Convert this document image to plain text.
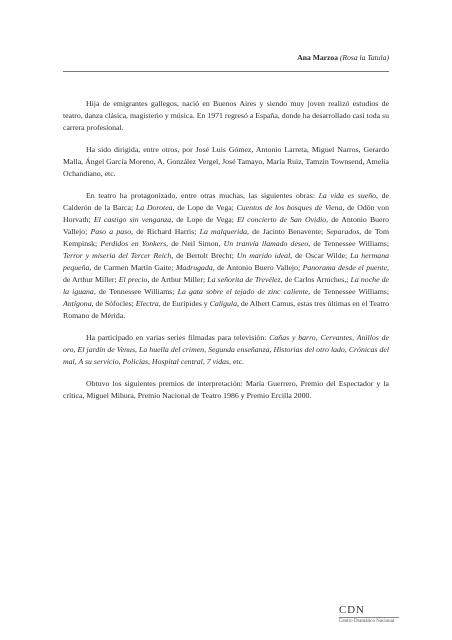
Ana Marzoa (Rosa la Tatula)

Hija de emigrantes gallegos, nació en Buenos Aires y siendo muy joven realizó estudios de teatro, danza clásica, magisterio y música. En 1971 regresó a España, donde ha desarrollado casi toda su carrera profesional.

Ha sido dirigida, entre otros, por José Luis Gómez, Antonio Larreta, Miguel Narros, Gerardo Malla, Ángel García Moreno, A. González Vergel, José Tamayo, María Ruiz, Tamzin Townsend, Amelia Ochandiano, etc.

En teatro ha protagonizado, entre otras muchas, las siguientes obras: La vida es sueño, de Calderón de la Barca; La Dorotea, de Lope de Vega; Cuentos de los bosques de Viena, de Odön von Horvath; El castigo sin venganza, de Lope de Vega; El concierto de San Ovidio, de Antonio Buero Vallejo; Paso a paso, de Richard Harris; La malquerida, de Jacinto Benavente; Separados, de Tom Kempinsk; Perdidos en Yonkers, de Neil Simon, Un tranvía llamado deseo, de Tennessee Williams; Terror y miseria del Tercer Reich, de Bertolt Brecht; Un marido ideal, de Oscar Wilde; La hermana pequeña, de Carmen Martín Gaite; Madrugada, de Antonio Buero Vallejo; Panorama desde el puente, de Arthur Miller; El precio, de Arthur Miller; La señorita de Trevélez, de Carlos Arniches,; La noche de la iguana, de Tennessee Williams; La gata sobre el tejado de zinc caliente, de Tennessee Williams; Antígona, de Sófocles; Electra, de Eurípides y Calígula, de Albert Camus, estas tres últimas en el Teatro Romano de Mérida.

Ha participado en varias series filmadas para televisión: Cañas y barro, Cervantes, Anillos de oro, El jardín de Venus, La huella del crimen, Segunda enseñanza, Historias del otro lado, Crónicas del mal, A su servicio, Policías, Hospital central, 7 vidas, etc.

Obtuvo los siguientes premios de interpretación: María Guerrero, Premio del Espectador y la crítica, Miguel Mihura, Premio Nacional de Teatro 1986 y Premio Ercilla 2000.

CDN
Centro Dramático Nacional
